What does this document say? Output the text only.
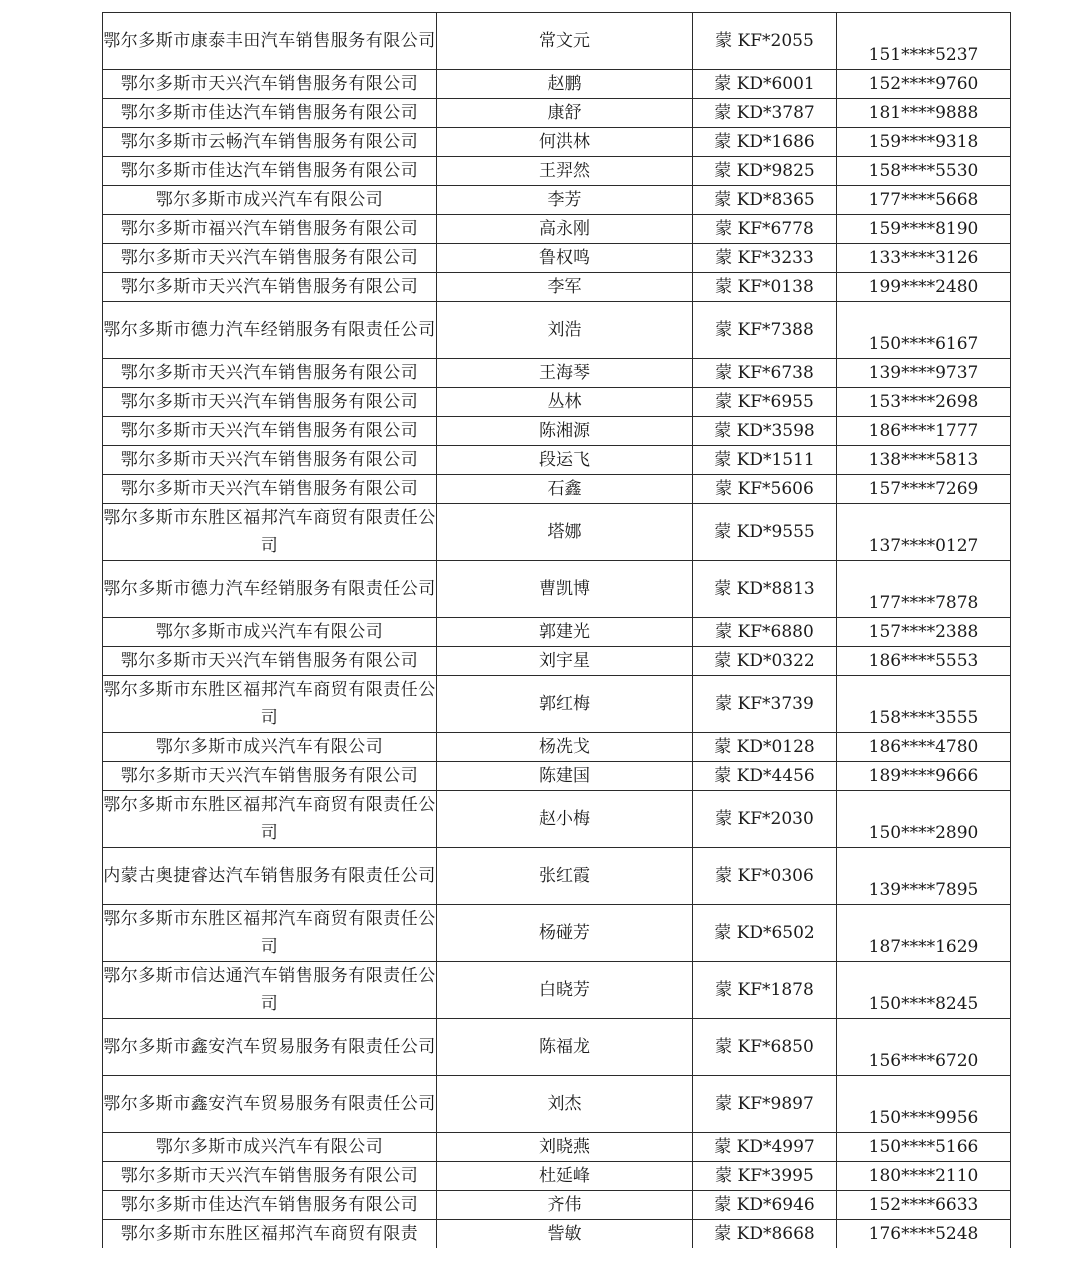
鄂尔多斯市康泰丰田汽车销售服务有限公司	常文元	蒙 KF*2055	151****5237
鄂尔多斯市天兴汽车销售服务有限公司	赵鹏	蒙 KD*6001	152****9760
鄂尔多斯市佳达汽车销售服务有限公司	康舒	蒙 KD*3787	181****9888
鄂尔多斯市云畅汽车销售服务有限公司	何洪林	蒙 KD*1686	159****9318
鄂尔多斯市佳达汽车销售服务有限公司	王羿然	蒙 KD*9825	158****5530
鄂尔多斯市成兴汽车有限公司	李芳	蒙 KD*8365	177****5668
鄂尔多斯市福兴汽车销售服务有限公司	高永刚	蒙 KF*6778	159****8190
鄂尔多斯市天兴汽车销售服务有限公司	鲁权鸣	蒙 KF*3233	133****3126
鄂尔多斯市天兴汽车销售服务有限公司	李军	蒙 KF*0138	199****2480
鄂尔多斯市德力汽车经销服务有限责任公司	刘浩	蒙 KF*7388	150****6167
鄂尔多斯市天兴汽车销售服务有限公司	王海琴	蒙 KF*6738	139****9737
鄂尔多斯市天兴汽车销售服务有限公司	丛林	蒙 KF*6955	153****2698
鄂尔多斯市天兴汽车销售服务有限公司	陈湘源	蒙 KD*3598	186****1777
鄂尔多斯市天兴汽车销售服务有限公司	段运飞	蒙 KD*1511	138****5813
鄂尔多斯市天兴汽车销售服务有限公司	石鑫	蒙 KF*5606	157****7269
鄂尔多斯市东胜区福邦汽车商贸有限责任公司	塔娜	蒙 KD*9555	137****0127
鄂尔多斯市德力汽车经销服务有限责任公司	曹凯博	蒙 KD*8813	177****7878
鄂尔多斯市成兴汽车有限公司	郭建光	蒙 KF*6880	157****2388
鄂尔多斯市天兴汽车销售服务有限公司	刘宇星	蒙 KD*0322	186****5553
鄂尔多斯市东胜区福邦汽车商贸有限责任公司	郭红梅	蒙 KF*3739	158****3555
鄂尔多斯市成兴汽车有限公司	杨冼戈	蒙 KD*0128	186****4780
鄂尔多斯市天兴汽车销售服务有限公司	陈建国	蒙 KD*4456	189****9666
鄂尔多斯市东胜区福邦汽车商贸有限责任公司	赵小梅	蒙 KF*2030	150****2890
内蒙古奥捷睿达汽车销售服务有限责任公司	张红霞	蒙 KF*0306	139****7895
鄂尔多斯市东胜区福邦汽车商贸有限责任公司	杨碰芳	蒙 KD*6502	187****1629
鄂尔多斯市信达通汽车销售服务有限责任公司	白晓芳	蒙 KF*1878	150****8245
鄂尔多斯市鑫安汽车贸易服务有限责任公司	陈福龙	蒙 KF*6850	156****6720
鄂尔多斯市鑫安汽车贸易服务有限责任公司	刘杰	蒙 KF*9897	150****9956
鄂尔多斯市成兴汽车有限公司	刘晓燕	蒙 KD*4997	150****5166
鄂尔多斯市天兴汽车销售服务有限公司	杜延峰	蒙 KF*3995	180****2110
鄂尔多斯市佳达汽车销售服务有限公司	齐伟	蒙 KD*6946	152****6633
鄂尔多斯市东胜区福邦汽车商贸有限责	訾敏	蒙 KD*8668	176****5248
